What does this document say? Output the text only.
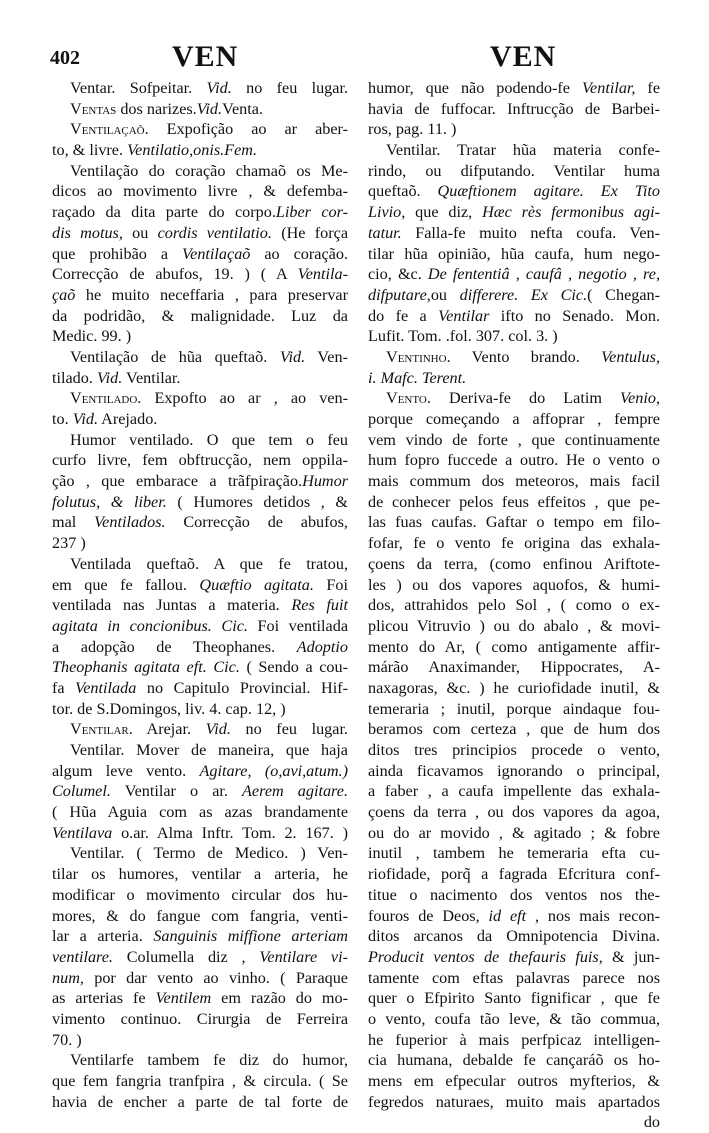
402	VEN	VEN
Ventar. Sofpeitar. Vid. no feu lugar.
Ventas dos narizes.Vid.Venta.
Ventilaçaõ. Expofição ao ar aber-
to, & livre. Ventilatio,onis.Fem.
Ventilação do coração chamaõ os Me-
dicos ao movimento livre , & defemba-
raçado da dita parte do corpo.Liber cor-
dis motus, ou cordis ventilatio. (He força
que prohibão a Ventilaçaõ ao coração.
Correcção de abufos, 19. ) ( A Ventila-
çaõ he muito neceffaria , para preservar
da podridão, & malignidade. Luz da
Medic. 99. )
Ventilação de hũa queftaõ. Vid. Ven-
tilado. Vid. Ventilar.
Ventilado. Expofto ao ar , ao ven-
to. Vid. Arejado.
Humor ventilado. O que tem o feu
curfo livre, fem obftrucção, nem oppila-
ção , que embarace a trãfpiração.Humor
folutus, & liber. ( Humores detidos , &
mal Ventilados. Correcção de abufos,
237 )
Ventilada queftaõ. A que fe tratou,
em que fe fallou. Quæftio agitata. Foi
ventilada nas Juntas a materia. Res fuit
agitata in concionibus. Cic. Foi ventilada
a adopção de Theophanes. Adoptio
Theophanis agitata eft. Cic. ( Sendo a cou-
fa Ventilada no Capitulo Provincial. Hif-
tor. de S.Domingos, liv. 4. cap. 12, )
Ventilar. Arejar. Vid. no feu lugar.
Ventilar. Mover de maneira, que haja
algum leve vento. Agitare, (o,avi,atum.)
Columel. Ventilar o ar. Aerem agitare.
( Hũa Aguia com as azas brandamente
Ventilava o.ar. Alma Inftr. Tom. 2. 167. )
Ventilar. ( Termo de Medico. ) Ven-
tilar os humores, ventilar a arteria, he
modificar o movimento circular dos hu-
mores, & do fangue com fangria, venti-
lar a arteria. Sanguinis miffione arteriam
ventilare. Columella diz , Ventilare vi-
num, por dar vento ao vinho. ( Paraque
as arterias fe Ventilem em razão do mo-
vimento continuo. Cirurgia de Ferreira
70. )
Ventilarfe tambem fe diz do humor,
que fem fangria tranfpira , & circula. ( Se
havia de encher a parte de tal forte de
humor, que não podendo-fe Ventilar, fe
havia de fuffocar. Inftrucção de Barbei-
ros, pag. 11. )
Ventilar. Tratar hũa materia confe-
rindo, ou difputando. Ventilar huma
queftaõ. Quæftionem agitare. Ex Tito
Livio, que diz, Hæc rès fermonibus agi-
tatur. Falla-fe muito nefta coufa. Ven-
tilar hũa opinião, hũa caufa, hum nego-
cio, &c. De fententiâ , caufâ , negotio , re,
difputare,ou differere. Ex Cic.( Chegan-
do fe a Ventilar ifto no Senado. Mon.
Lufit. Tom. .fol. 307. col. 3. )
Ventinho. Vento brando. Ventulus,
i. Mafc. Terent.
Vento. Deriva-fe do Latim Venio,
porque começando a affoprar , fempre
vem vindo de forte , que continuamente
hum fopro fuccede a outro. He o vento o
mais commum dos meteoros, mais facil
de conhecer pelos feus effeitos , que pe-
las fuas caufas. Gaftar o tempo em filo-
fofar, fe o vento fe origina das exhala-
çoens da terra, (como enfinou Ariftote-
les ) ou dos vapores aquofos, & humi-
dos, attrahidos pelo Sol , ( como o ex-
plicou Vitruvio ) ou do abalo , & movi-
mento do Ar, ( como antigamente affir-
márão Anaximander, Hippocrates, A-
naxagoras, &c. ) he curiofidade inutil, &
temeraria ; inutil, porque aindaque fou-
beramos com certeza , que de hum dos
ditos tres principios procede o vento,
ainda ficavamos ignorando o principal,
a faber , a caufa impellente das exhala-
çoens da terra , ou dos vapores da agoa,
ou do ar movido , & agitado ; & fobre
inutil , tambem he temeraria efta cu-
riofidade, porq̃ a fagrada Efcritura conf-
titue o nacimento dos ventos nos the-
fouros de Deos, id eft , nos mais recon-
ditos arcanos da Omnipotencia Divina.
Producit ventos de thefauris fuis, & jun-
tamente com eftas palavras parece nos
quer o Efpirito Santo fignificar , que fe
o vento, coufa tão leve, & tão commua,
he fuperior à mais perfpicaz intelligen-
cia humana, debalde fe cançaráõ os ho-
mens em efpecular outros myfterios, &
fegredos naturaes, muito mais apartados
do
